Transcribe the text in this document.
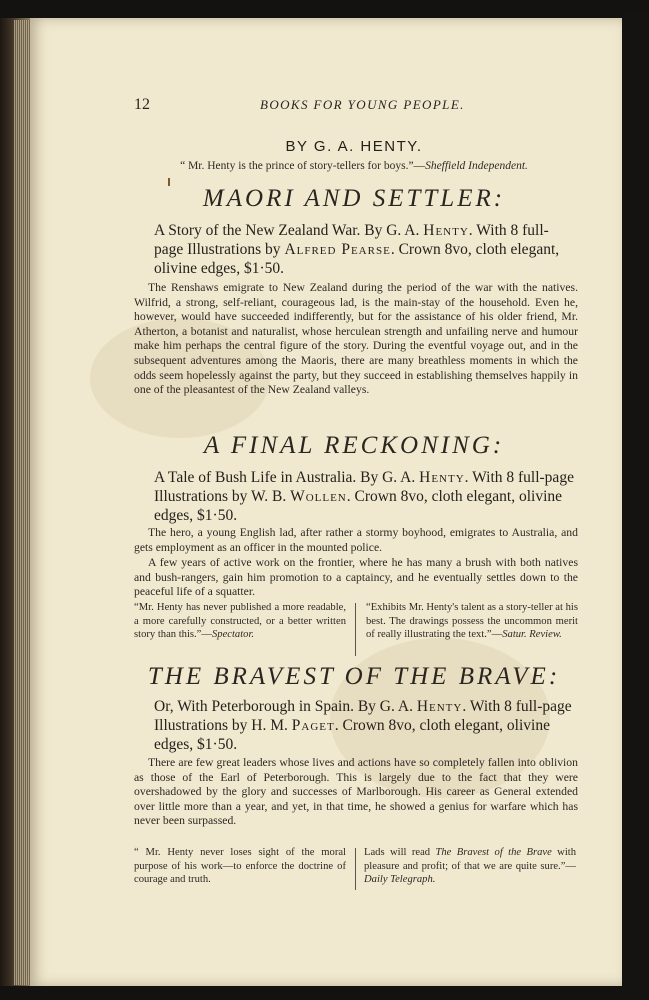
12	BOOKS FOR YOUNG PEOPLE.
BY G. A. HENTY.
“ Mr. Henty is the prince of story-tellers for boys.”—Sheffield Independent.
MAORI AND SETTLER:
A Story of the New Zealand War. By G. A. Henty. With 8 full-page Illustrations by Alfred Pearse. Crown 8vo, cloth elegant, olivine edges, $1·50.
The Renshaws emigrate to New Zealand during the period of the war with the natives. Wilfrid, a strong, self-reliant, courageous lad, is the main-stay of the household. Even he, however, would have succeeded indifferently, but for the assistance of his older friend, Mr. Atherton, a botanist and naturalist, whose herculean strength and unfailing nerve and humour make him perhaps the central figure of the story. During the eventful voyage out, and in the subsequent adventures among the Maoris, there are many breathless moments in which the odds seem hopelessly against the party, but they succeed in establishing themselves happily in one of the pleasantest of the New Zealand valleys.
A FINAL RECKONING:
A Tale of Bush Life in Australia. By G. A. Henty. With 8 full-page Illustrations by W. B. Wollen. Crown 8vo, cloth elegant, olivine edges, $1·50.
The hero, a young English lad, after rather a stormy boyhood, emigrates to Australia, and gets employment as an officer in the mounted police.
A few years of active work on the frontier, where he has many a brush with both natives and bush-rangers, gain him promotion to a captaincy, and he eventually settles down to the peaceful life of a squatter.
“Mr. Henty has never published a more readable, a more carefully constructed, or a better written story than this.”—Spectator.
“Exhibits Mr. Henty's talent as a story-teller at his best. The drawings possess the uncommon merit of really illustrating the text.”—Satur. Review.
THE BRAVEST OF THE BRAVE:
Or, With Peterborough in Spain. By G. A. Henty. With 8 full-page Illustrations by H. M. Paget. Crown 8vo, cloth elegant, olivine edges, $1·50.
There are few great leaders whose lives and actions have so completely fallen into oblivion as those of the Earl of Peterborough. This is largely due to the fact that they were overshadowed by the glory and successes of Marlborough. His career as General extended over little more than a year, and yet, in that time, he showed a genius for warfare which has never been surpassed.
“ Mr. Henty never loses sight of the moral purpose of his work—to enforce the doctrine of courage and truth.
Lads will read The Bravest of the Brave with pleasure and profit; of that we are quite sure.”—Daily Telegraph.
